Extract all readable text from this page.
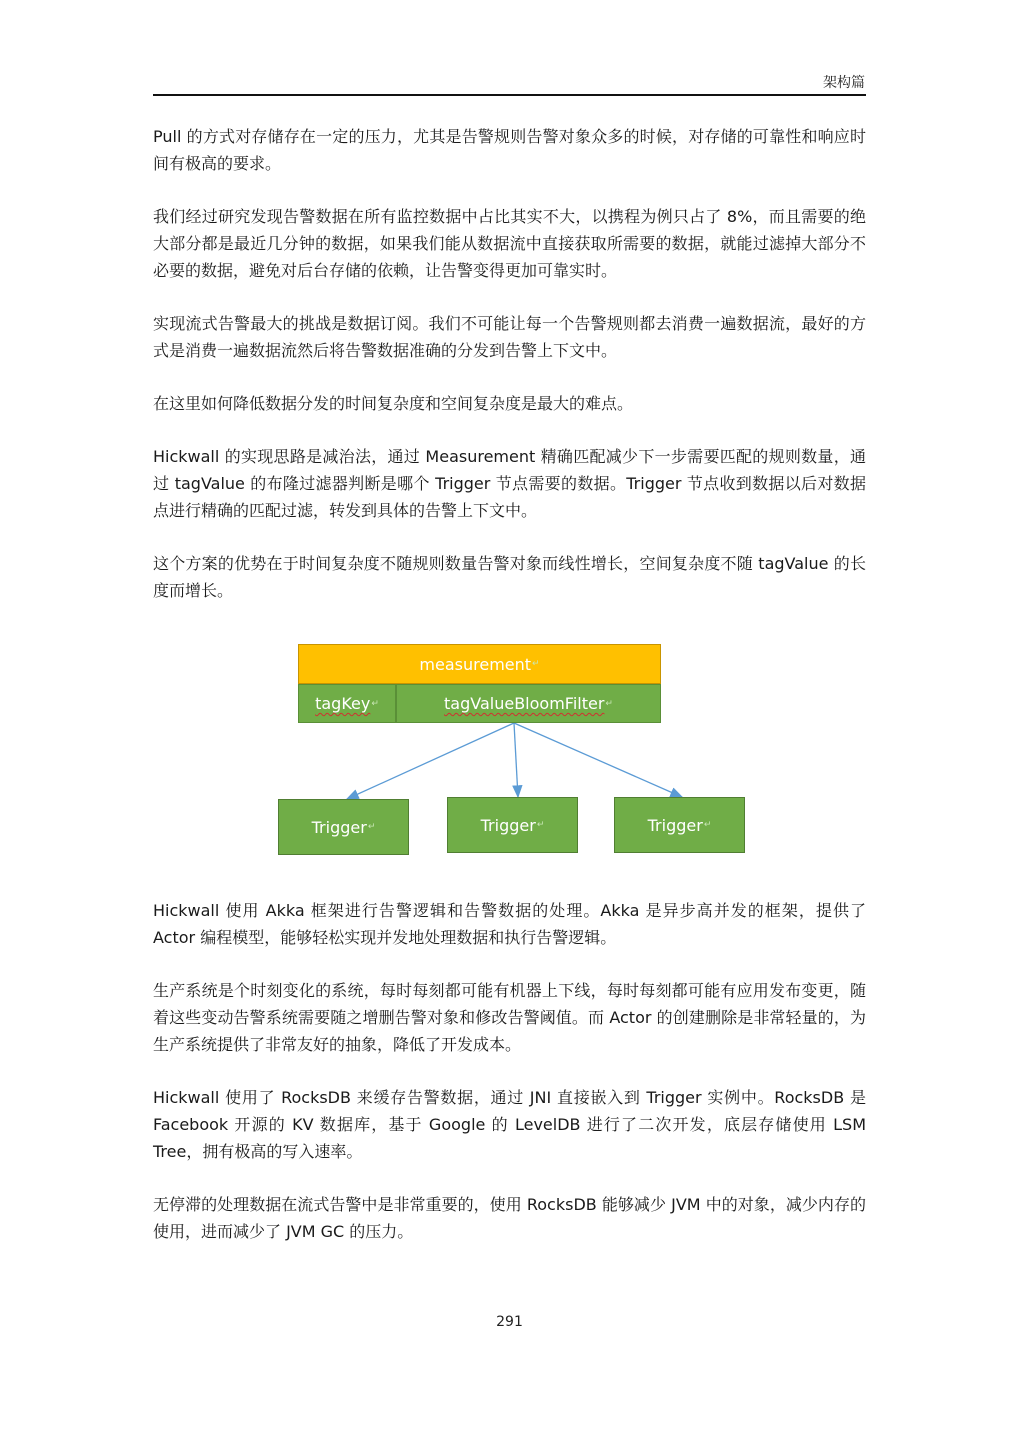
架构篇

Pull 的方式对存储存在一定的压力，尤其是告警规则告警对象众多的时候，对存储的可靠性和响应时间有极高的要求。

我们经过研究发现告警数据在所有监控数据中占比其实不大，以携程为例只占了 8%，而且需要的绝大部分都是最近几分钟的数据，如果我们能从数据流中直接获取所需要的数据，就能过滤掉大部分不必要的数据，避免对后台存储的依赖，让告警变得更加可靠实时。

实现流式告警最大的挑战是数据订阅。我们不可能让每一个告警规则都去消费一遍数据流，最好的方式是消费一遍数据流然后将告警数据准确的分发到告警上下文中。

在这里如何降低数据分发的时间复杂度和空间复杂度是最大的难点。

Hickwall 的实现思路是减治法，通过 Measurement 精确匹配减少下一步需要匹配的规则数量，通过 tagValue 的布隆过滤器判断是哪个 Trigger 节点需要的数据。Trigger 节点收到数据以后对数据点进行精确的匹配过滤，转发到具体的告警上下文中。

这个方案的优势在于时间复杂度不随规则数量告警对象而线性增长，空间复杂度不随 tagValue 的长度而增长。

measurement ↵
tagKey ↵	tagValueBloomFilter ↵
Trigger ↵	Trigger ↵	Trigger ↵

Hickwall 使用 Akka 框架进行告警逻辑和告警数据的处理。Akka 是异步高并发的框架，提供了 Actor 编程模型，能够轻松实现并发地处理数据和执行告警逻辑。

生产系统是个时刻变化的系统，每时每刻都可能有机器上下线，每时每刻都可能有应用发布变更，随着这些变动告警系统需要随之增删告警对象和修改告警阈值。而 Actor 的创建删除是非常轻量的，为生产系统提供了非常友好的抽象，降低了开发成本。

Hickwall 使用了 RocksDB 来缓存告警数据，通过 JNI 直接嵌入到 Trigger 实例中。RocksDB 是 Facebook 开源的 KV 数据库，基于 Google 的 LevelDB 进行了二次开发，底层存储使用 LSM Tree，拥有极高的写入速率。

无停滞的处理数据在流式告警中是非常重要的，使用 RocksDB 能够减少 JVM 中的对象，减少内存的使用，进而减少了 JVM GC 的压力。

291
